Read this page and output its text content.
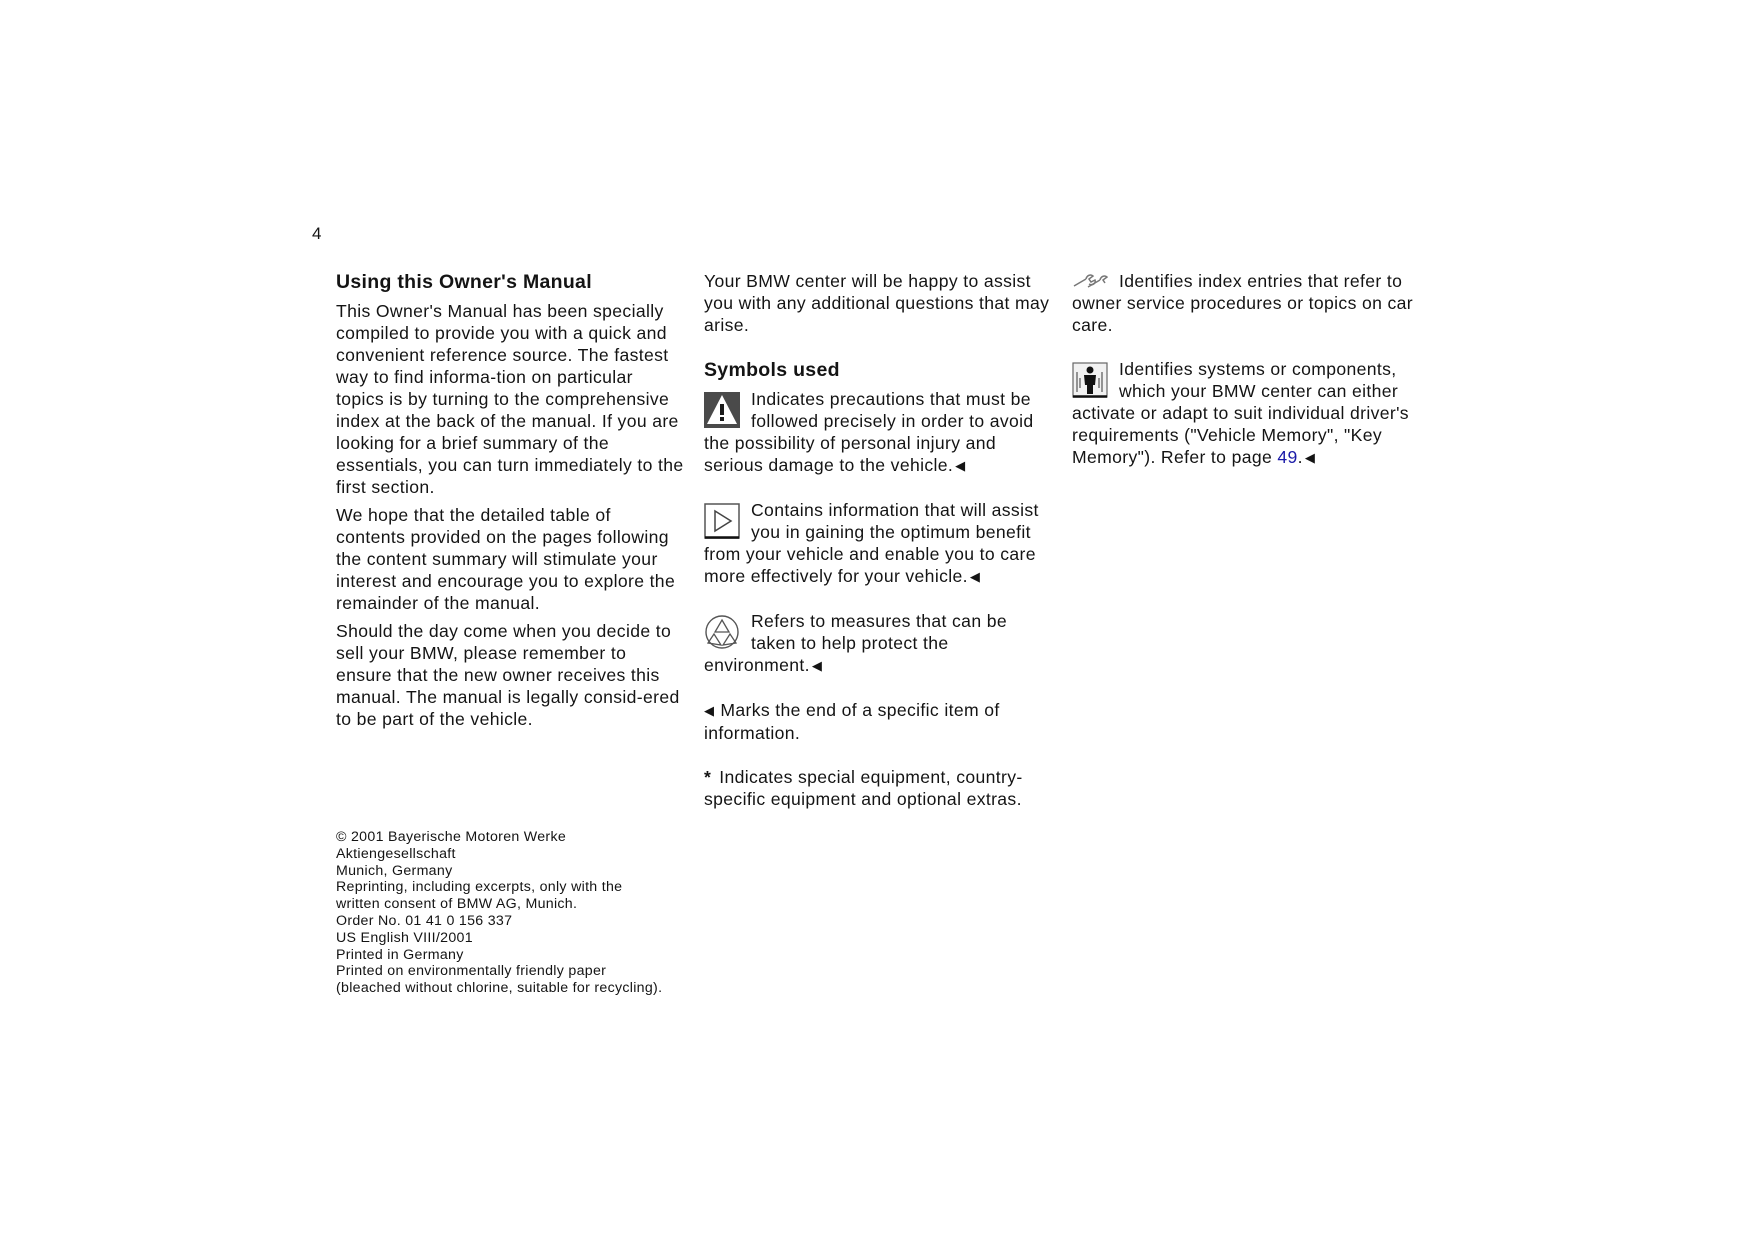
4
Using this Owner's Manual

This Owner's Manual has been specially compiled to provide you with a quick and convenient reference source. The fastest way to find informa-tion on particular topics is by turning to the comprehensive index at the back of the manual. If you are looking for a brief summary of the essentials, you can turn immediately to the first section.

We hope that the detailed table of contents provided on the pages following the content summary will stimulate your interest and encourage you to explore the remainder of the manual.

Should the day come when you decide to sell your BMW, please remember to ensure that the new owner receives this manual. The manual is legally consid-ered to be part of the vehicle.

© 2001 Bayerische Motoren Werke
Aktiengesellschaft
Munich, Germany
Reprinting, including excerpts, only with the
written consent of BMW AG, Munich.
Order No. 01 41 0 156 337
US English VIII/2001
Printed in Germany
Printed on environmentally friendly paper
(bleached without chlorine, suitable for recycling).

Your BMW center will be happy to assist you with any additional questions that may arise.

Symbols used
Indicates precautions that must be followed precisely in order to avoid the possibility of personal injury and serious damage to the vehicle. ◀
Contains information that will assist you in gaining the optimum benefit from your vehicle and enable you to care more effectively for your vehicle. ◀
Refers to measures that can be taken to help protect the environment. ◀
◀ Marks the end of a specific item of information.
* Indicates special equipment, country-specific equipment and optional extras.
Identifies index entries that refer to owner service procedures or topics on car care.
Identifies systems or components, which your BMW center can either activate or adapt to suit individual driver's requirements ("Vehicle Memory", "Key Memory"). Refer to page 49. ◀
